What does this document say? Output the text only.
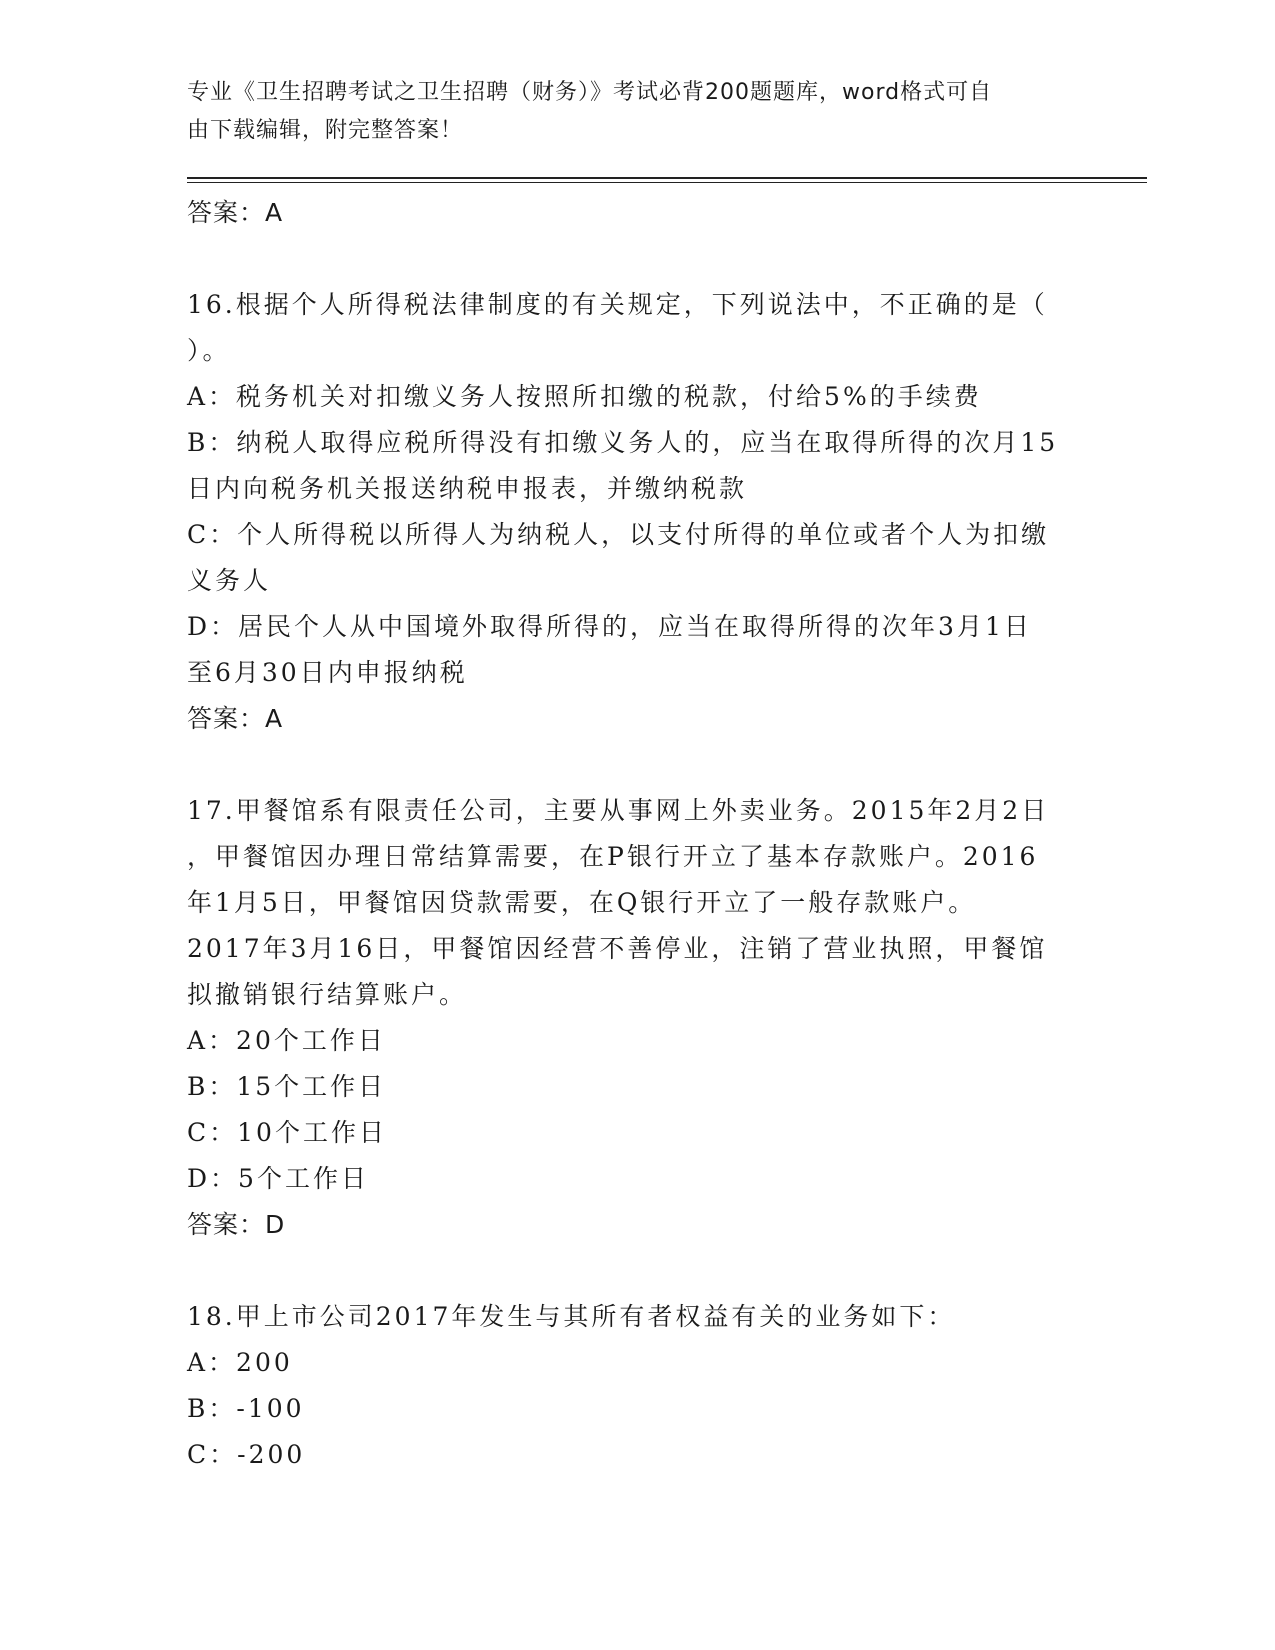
专业《卫生招聘考试之卫生招聘（财务）》考试必背200题题库，word格式可自
由下载编辑，附完整答案！
答案：A
16.根据个人所得税法律制度的有关规定，下列说法中，不正确的是（
）。
A：税务机关对扣缴义务人按照所扣缴的税款，付给5%的手续费
B：纳税人取得应税所得没有扣缴义务人的，应当在取得所得的次月15
日内向税务机关报送纳税申报表，并缴纳税款
C：个人所得税以所得人为纳税人，以支付所得的单位或者个人为扣缴
义务人
D：居民个人从中国境外取得所得的，应当在取得所得的次年3月1日
至6月30日内申报纳税
答案：A
17.甲餐馆系有限责任公司，主要从事网上外卖业务。2015年2月2日
，甲餐馆因办理日常结算需要，在P银行开立了基本存款账户。2016
年1月5日，甲餐馆因贷款需要，在Q银行开立了一般存款账户。
2017年3月16日，甲餐馆因经营不善停业，注销了营业执照，甲餐馆
拟撤销银行结算账户。
A：20个工作日
B：15个工作日
C：10个工作日
D：5个工作日
答案：D
18.甲上市公司2017年发生与其所有者权益有关的业务如下：
A：200
B：-100
C：-200
